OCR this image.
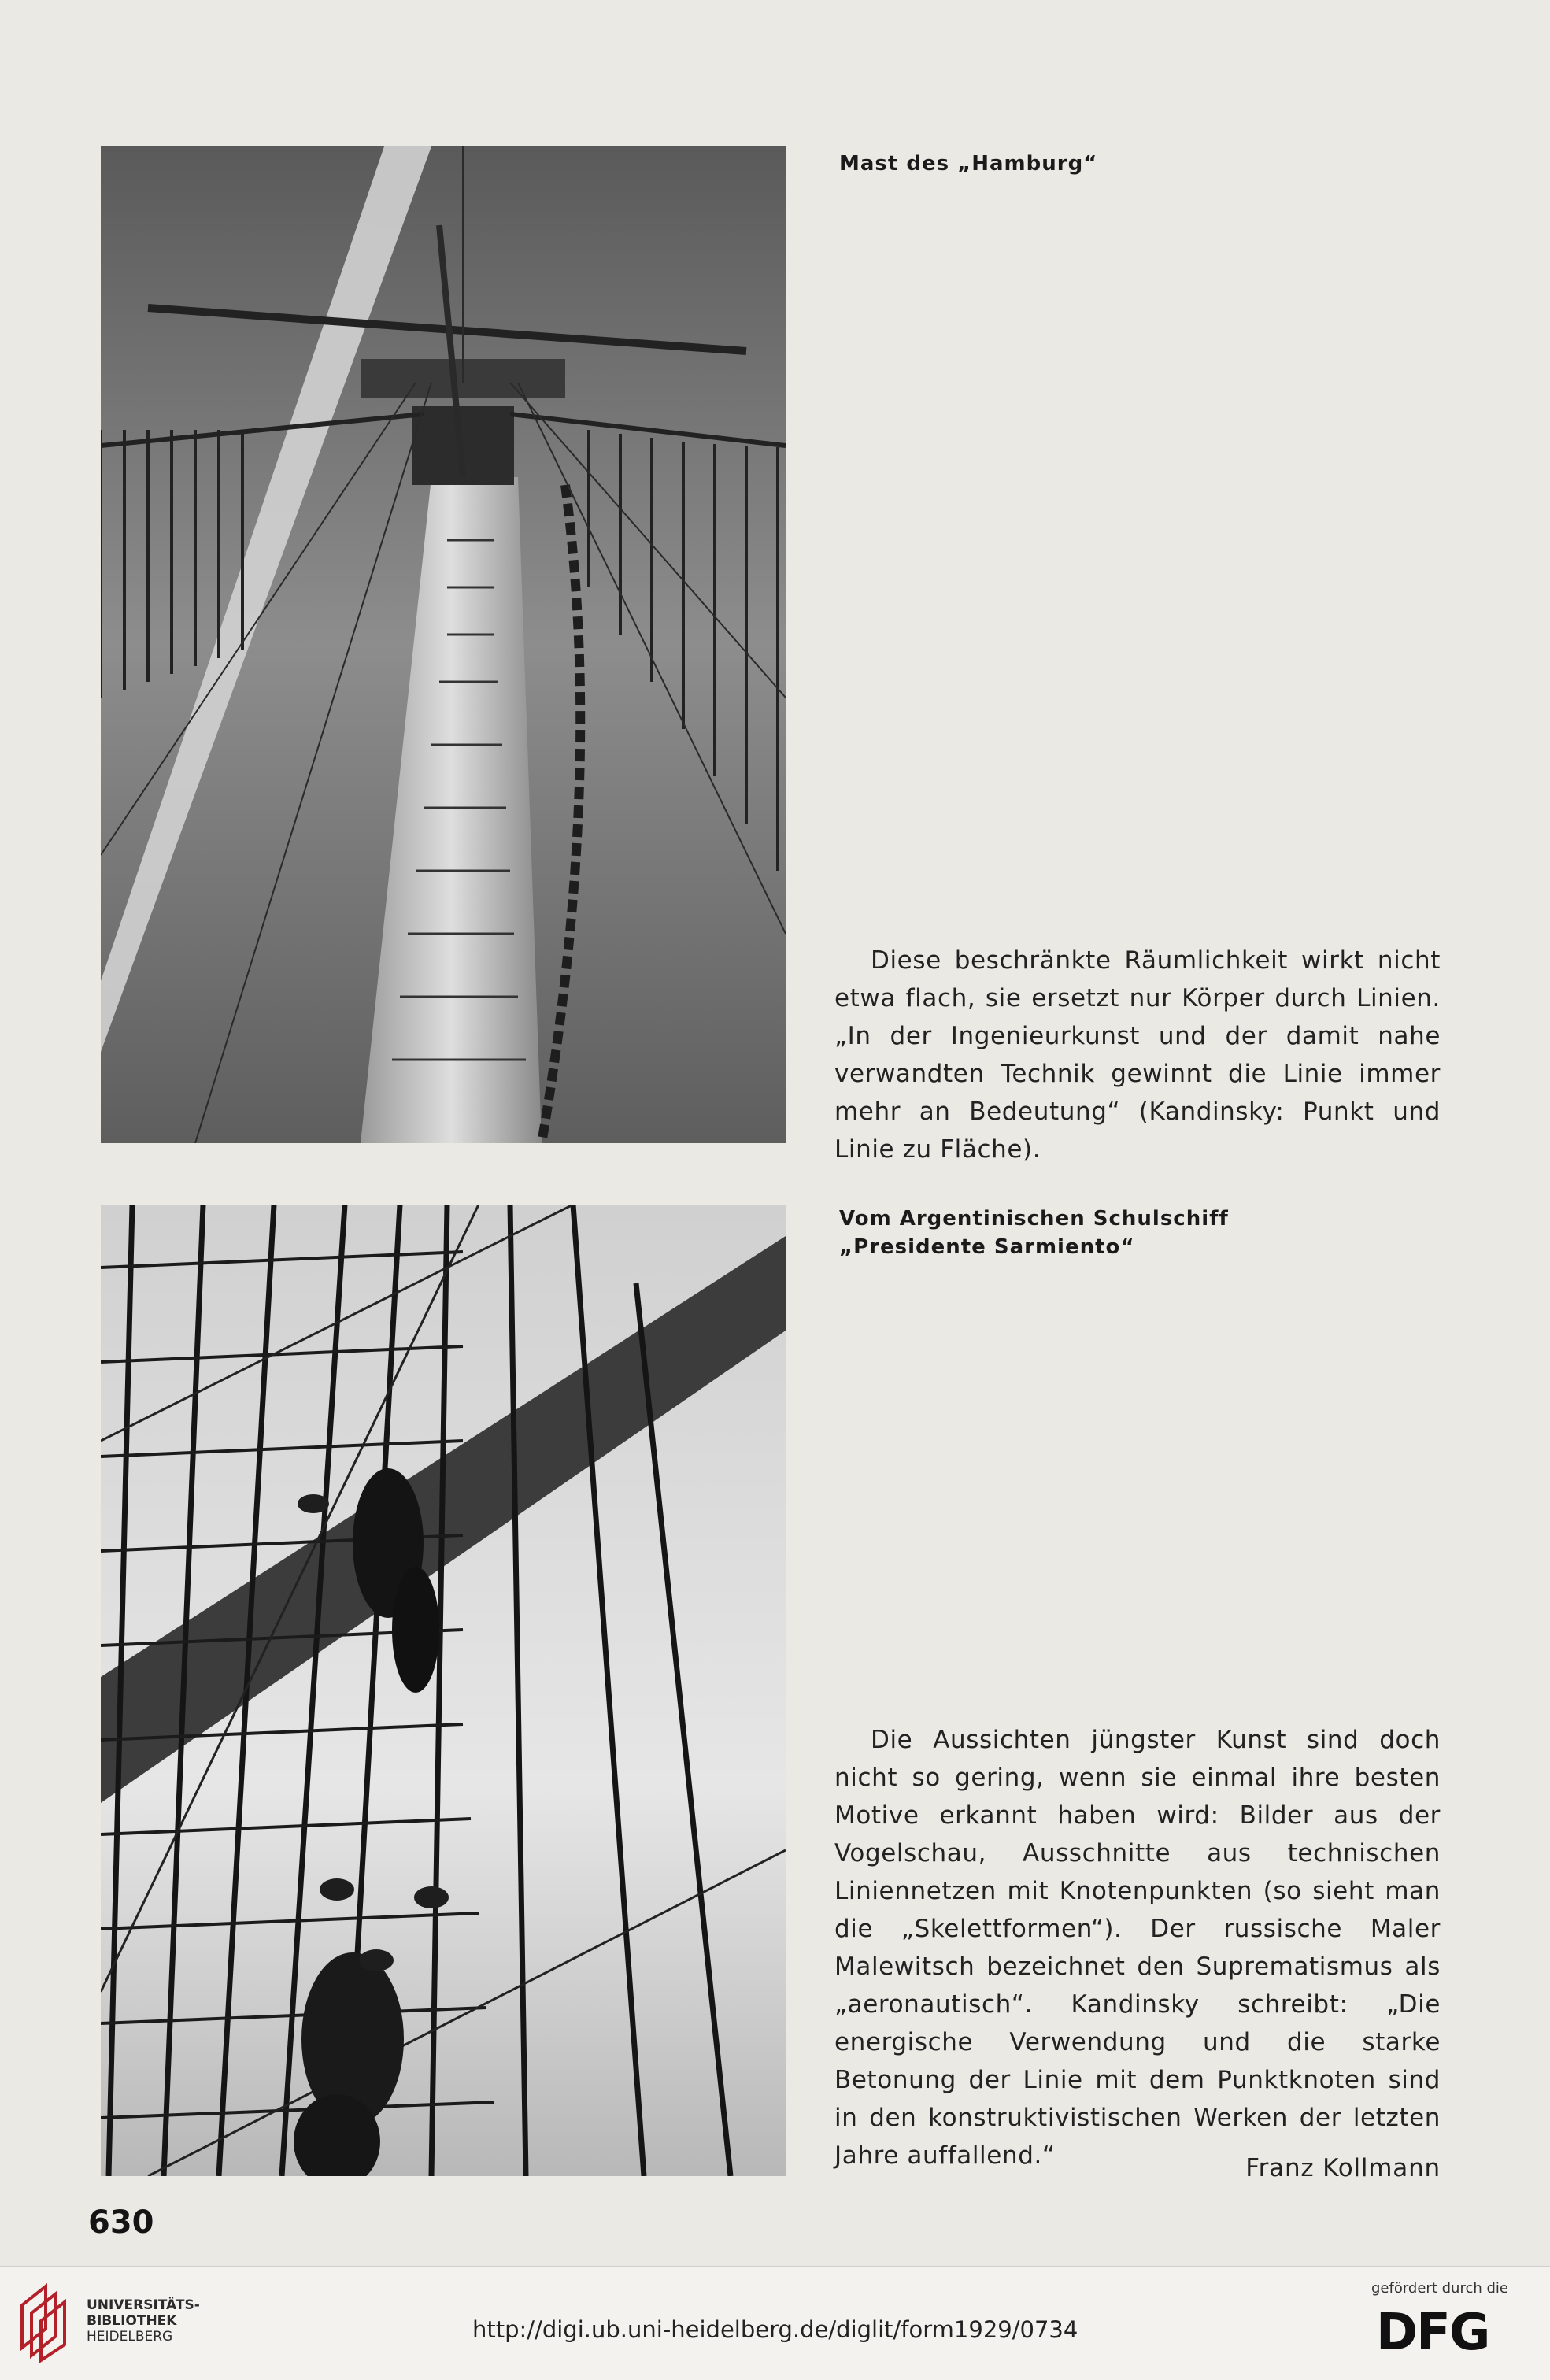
Mast des „Hamburg“

Diese beschränkte Räumlichkeit wirkt nicht etwa flach, sie ersetzt nur Körper durch Linien. „In der Ingenieurkunst und der damit nahe verwandten Technik gewinnt die Linie immer mehr an Bedeutung“ (Kandinsky: Punkt und Linie zu Fläche).

Vom Argentinischen Schulschiff
„Presidente Sarmiento“

Die Aussichten jüngster Kunst sind doch nicht so gering, wenn sie einmal ihre besten Motive erkannt haben wird: Bilder aus der Vogelschau, Ausschnitte aus technischen Liniennetzen mit Knotenpunkten (so sieht man die „Skelettformen“). Der russische Maler Malewitsch bezeichnet den Suprematismus als „aeronautisch“. Kandinsky schreibt: „Die energische Verwendung und die starke Betonung der Linie mit dem Punktknoten sind in den konstruktivistischen Werken der letzten Jahre auffallend.“	Franz Kollmann
630
UNIVERSITÄTS-
BIBLIOTHEK
HEIDELBERG	http://digi.ub.uni-heidelberg.de/diglit/form1929/0734
gefördert durch die
DFG
